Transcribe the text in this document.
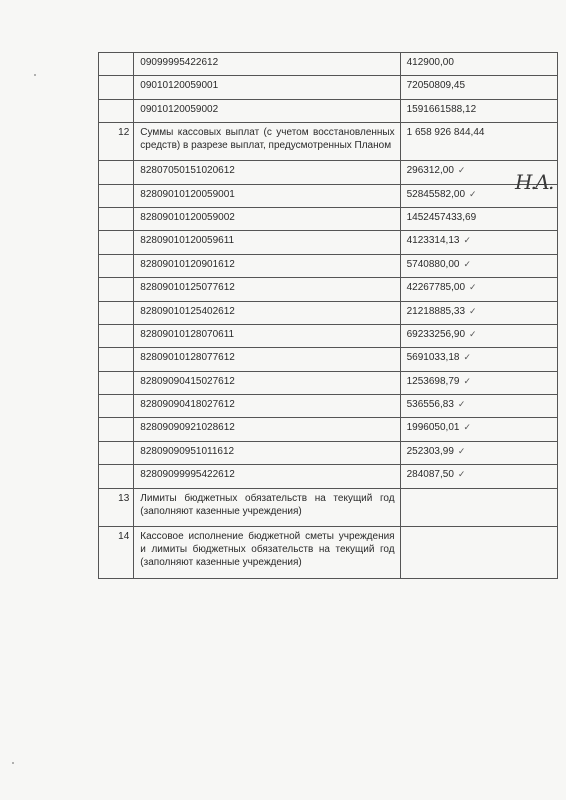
	09099995422612	412900,00
	09010120059001	72050809,45
	09010120059002	1591661588,12
12	Суммы кассовых выплат (с учетом восстановленных средств) в разрезе выплат, предусмотренных Планом	1 658 926 844,44
	82807050151020612	296312,00 ✓
	82809010120059001	52845582,00 ✓
	82809010120059002	1452457433,69
	82809010120059611	4123314,13 ✓
	82809010120901612	5740880,00 ✓
	82809010125077612	42267785,00 ✓
	82809010125402612	21218885,33 ✓
	82809010128070611	69233256,90 ✓
	82809010128077612	5691033,18 ✓
	82809090415027612	1253698,79 ✓
	82809090418027612	536556,83 ✓
	82809090921028612	1996050,01 ✓
	82809090951011612	252303,99 ✓
	82809099995422612	284087,50 ✓
13	Лимиты бюджетных обязательств на текущий год (заполняют казенные учреждения)	
14	Кассовое исполнение бюджетной сметы учреждения и лимиты бюджетных обязательств на текущий год (заполняют казенные учреждения)	
Н.А.
